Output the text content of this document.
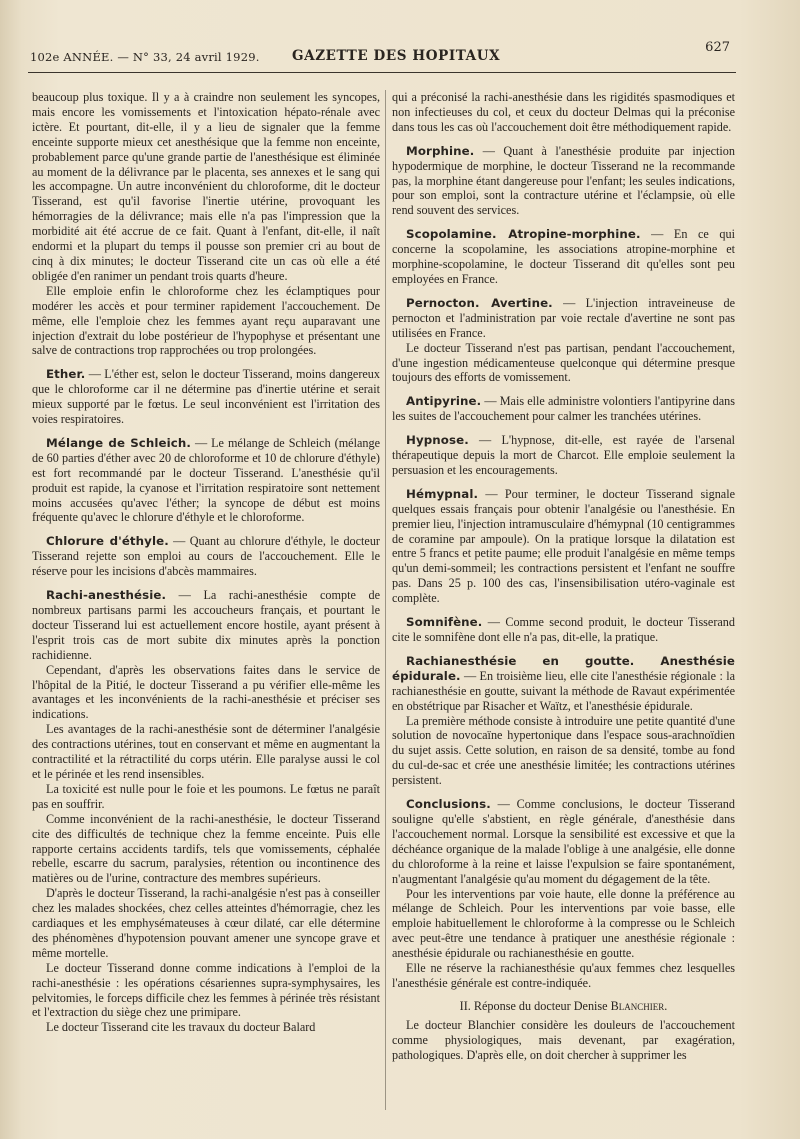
102e ANNÉE. — N° 33, 24 avril 1929. GAZETTE DES HOPITAUX
627

beaucoup plus toxique. Il y a à craindre non seulement les syncopes, mais encore les vomissements et l'intoxication hépato-rénale avec ictère. Et pourtant, dit-elle, il y a lieu de signaler que la femme enceinte supporte mieux cet anesthésique que la femme non enceinte, probablement parce qu'une grande partie de l'anesthésique est éliminée au moment de la délivrance par le placenta, ses annexes et le sang qui les accompagne. Un autre inconvénient du chloroforme, dit le docteur Tisserand, est qu'il favorise l'inertie utérine, provoquant les hémorragies de la délivrance; mais elle n'a pas l'impression que la morbidité ait été accrue de ce fait. Quant à l'enfant, dit-elle, il naît endormi et la plupart du temps il pousse son premier cri au bout de cinq à dix minutes; le docteur Tisserand cite un cas où elle a été obligée d'en ranimer un pendant trois quarts d'heure.

Elle emploie enfin le chloroforme chez les éclamptiques pour modérer les accès et pour terminer rapidement l'accouchement. De même, elle l'emploie chez les femmes ayant reçu auparavant une injection d'extrait du lobe postérieur de l'hypophyse et présentant une salve de contractions trop rapprochées ou trop prolongées.

Ether. — L'éther est, selon le docteur Tisserand, moins dangereux que le chloroforme car il ne détermine pas d'inertie utérine et serait mieux supporté par le fœtus. Le seul inconvénient est l'irritation des voies respiratoires.

Mélange de Schleich. — Le mélange de Schleich (mélange de 60 parties d'éther avec 20 de chloroforme et 10 de chlorure d'éthyle) est fort recommandé par le docteur Tisserand. L'anesthésie qu'il produit est rapide, la cyanose et l'irritation respiratoire sont nettement moins accusées qu'avec l'éther; la syncope de début est moins fréquente qu'avec le chlorure d'éthyle et le chloroforme.

Chlorure d'éthyle. — Quant au chlorure d'éthyle, le docteur Tisserand rejette son emploi au cours de l'accouchement. Elle le réserve pour les incisions d'abcès mammaires.

Rachi-anesthésie. — La rachi-anesthésie compte de nombreux partisans parmi les accoucheurs français, et pourtant le docteur Tisserand lui est actuellement encore hostile, ayant présent à l'esprit trois cas de mort subite dix minutes après la ponction rachidienne.

Cependant, d'après les observations faites dans le service de l'hôpital de la Pitié, le docteur Tisserand a pu vérifier elle-même les avantages et les inconvénients de la rachi-anesthésie et préciser ses indications.

Les avantages de la rachi-anesthésie sont de déterminer l'analgésie des contractions utérines, tout en conservant et même en augmentant la contractilité et la rétractilité du corps utérin. Elle paralyse aussi le col et le périnée et les rend insensibles.

La toxicité est nulle pour le foie et les poumons. Le fœtus ne paraît pas en souffrir.

Comme inconvénient de la rachi-anesthésie, le docteur Tisserand cite des difficultés de technique chez la femme enceinte. Puis elle rapporte certains accidents tardifs, tels que vomissements, céphalée rebelle, escarre du sacrum, paralysies, rétention ou incontinence des matières ou de l'urine, contracture des membres supérieurs.

D'après le docteur Tisserand, la rachi-analgésie n'est pas à conseiller chez les malades shockées, chez celles atteintes d'hémorragie, chez les cardiaques et les emphysémateuses à cœur dilaté, car elle détermine des phénomènes d'hypotension pouvant amener une syncope grave et même mortelle.

Le docteur Tisserand donne comme indications à l'emploi de la rachi-anesthésie : les opérations césariennes supra-symphysaires, les pelvitomies, le forceps difficile chez les femmes à périnée très résistant et l'extraction du siège chez une primipare.

Le docteur Tisserand cite les travaux du docteur Balard

qui a préconisé la rachi-anesthésie dans les rigidités spasmodiques et non infectieuses du col, et ceux du docteur Delmas qui la préconise dans tous les cas où l'accouchement doit être méthodiquement rapide.

Morphine. — Quant à l'anesthésie produite par injection hypodermique de morphine, le docteur Tisserand ne la recommande pas, la morphine étant dangereuse pour l'enfant; les seules indications, pour son emploi, sont la contracture utérine et l'éclampsie, où elle rend souvent des services.

Scopolamine. Atropine-morphine. — En ce qui concerne la scopolamine, les associations atropine-morphine et morphine-scopolamine, le docteur Tisserand dit qu'elles sont peu employées en France.

Pernocton. Avertine. — L'injection intraveineuse de pernocton et l'administration par voie rectale d'avertine ne sont pas utilisées en France.

Le docteur Tisserand n'est pas partisan, pendant l'accouchement, d'une ingestion médicamenteuse quelconque qui détermine presque toujours des efforts de vomissement.

Antipyrine. — Mais elle administre volontiers l'antipyrine dans les suites de l'accouchement pour calmer les tranchées utérines.

Hypnose. — L'hypnose, dit-elle, est rayée de l'arsenal thérapeutique depuis la mort de Charcot. Elle emploie seulement la persuasion et les encouragements.

Hémypnal. — Pour terminer, le docteur Tisserand signale quelques essais français pour obtenir l'analgésie ou l'anesthésie. En premier lieu, l'injection intramusculaire d'hémypnal (10 centigrammes de coramine par ampoule). On la pratique lorsque la dilatation est entre 5 francs et petite paume; elle produit l'analgésie en même temps qu'un demi-sommeil; les contractions persistent et l'enfant ne souffre pas. Dans 25 p. 100 des cas, l'insensibilisation utéro-vaginale est complète.

Somnifène. — Comme second produit, le docteur Tisserand cite le somnifène dont elle n'a pas, dit-elle, la pratique.

Rachianesthésie en goutte. Anesthésie épidurale. — En troisième lieu, elle cite l'anesthésie régionale : la rachianesthésie en goutte, suivant la méthode de Ravaut expérimentée en obstétrique par Risacher et Waïtz, et l'anesthésie épidurale.

La première méthode consiste à introduire une petite quantité d'une solution de novocaïne hypertonique dans l'espace sous-arachnoïdien du sujet assis. Cette solution, en raison de sa densité, tombe au fond du cul-de-sac et crée une anesthésie limitée; les contractions utérines persistent.

Conclusions. — Comme conclusions, le docteur Tisserand souligne qu'elle s'abstient, en règle générale, d'anesthésie dans l'accouchement normal. Lorsque la sensibilité est excessive et que la déchéance organique de la malade l'oblige à une analgésie, elle donne du chloroforme à la reine et laisse l'expulsion se faire spontanément, n'augmentant l'analgésie qu'au moment du dégagement de la tête.

Pour les interventions par voie haute, elle donne la préférence au mélange de Schleich. Pour les interventions par voie basse, elle emploie habituellement le chloroforme à la compresse ou le Schleich avec peut-être une tendance à pratiquer une anesthésie régionale : anesthésie épidurale ou rachianesthésie en goutte.

Elle ne réserve la rachianesthésie qu'aux femmes chez lesquelles l'anesthésie générale est contre-indiquée.

II. Réponse du docteur Denise Blanchier.

Le docteur Blanchier considère les douleurs de l'accouchement comme physiologiques, mais devenant, par exagération, pathologiques. D'après elle, on doit chercher à supprimer les
